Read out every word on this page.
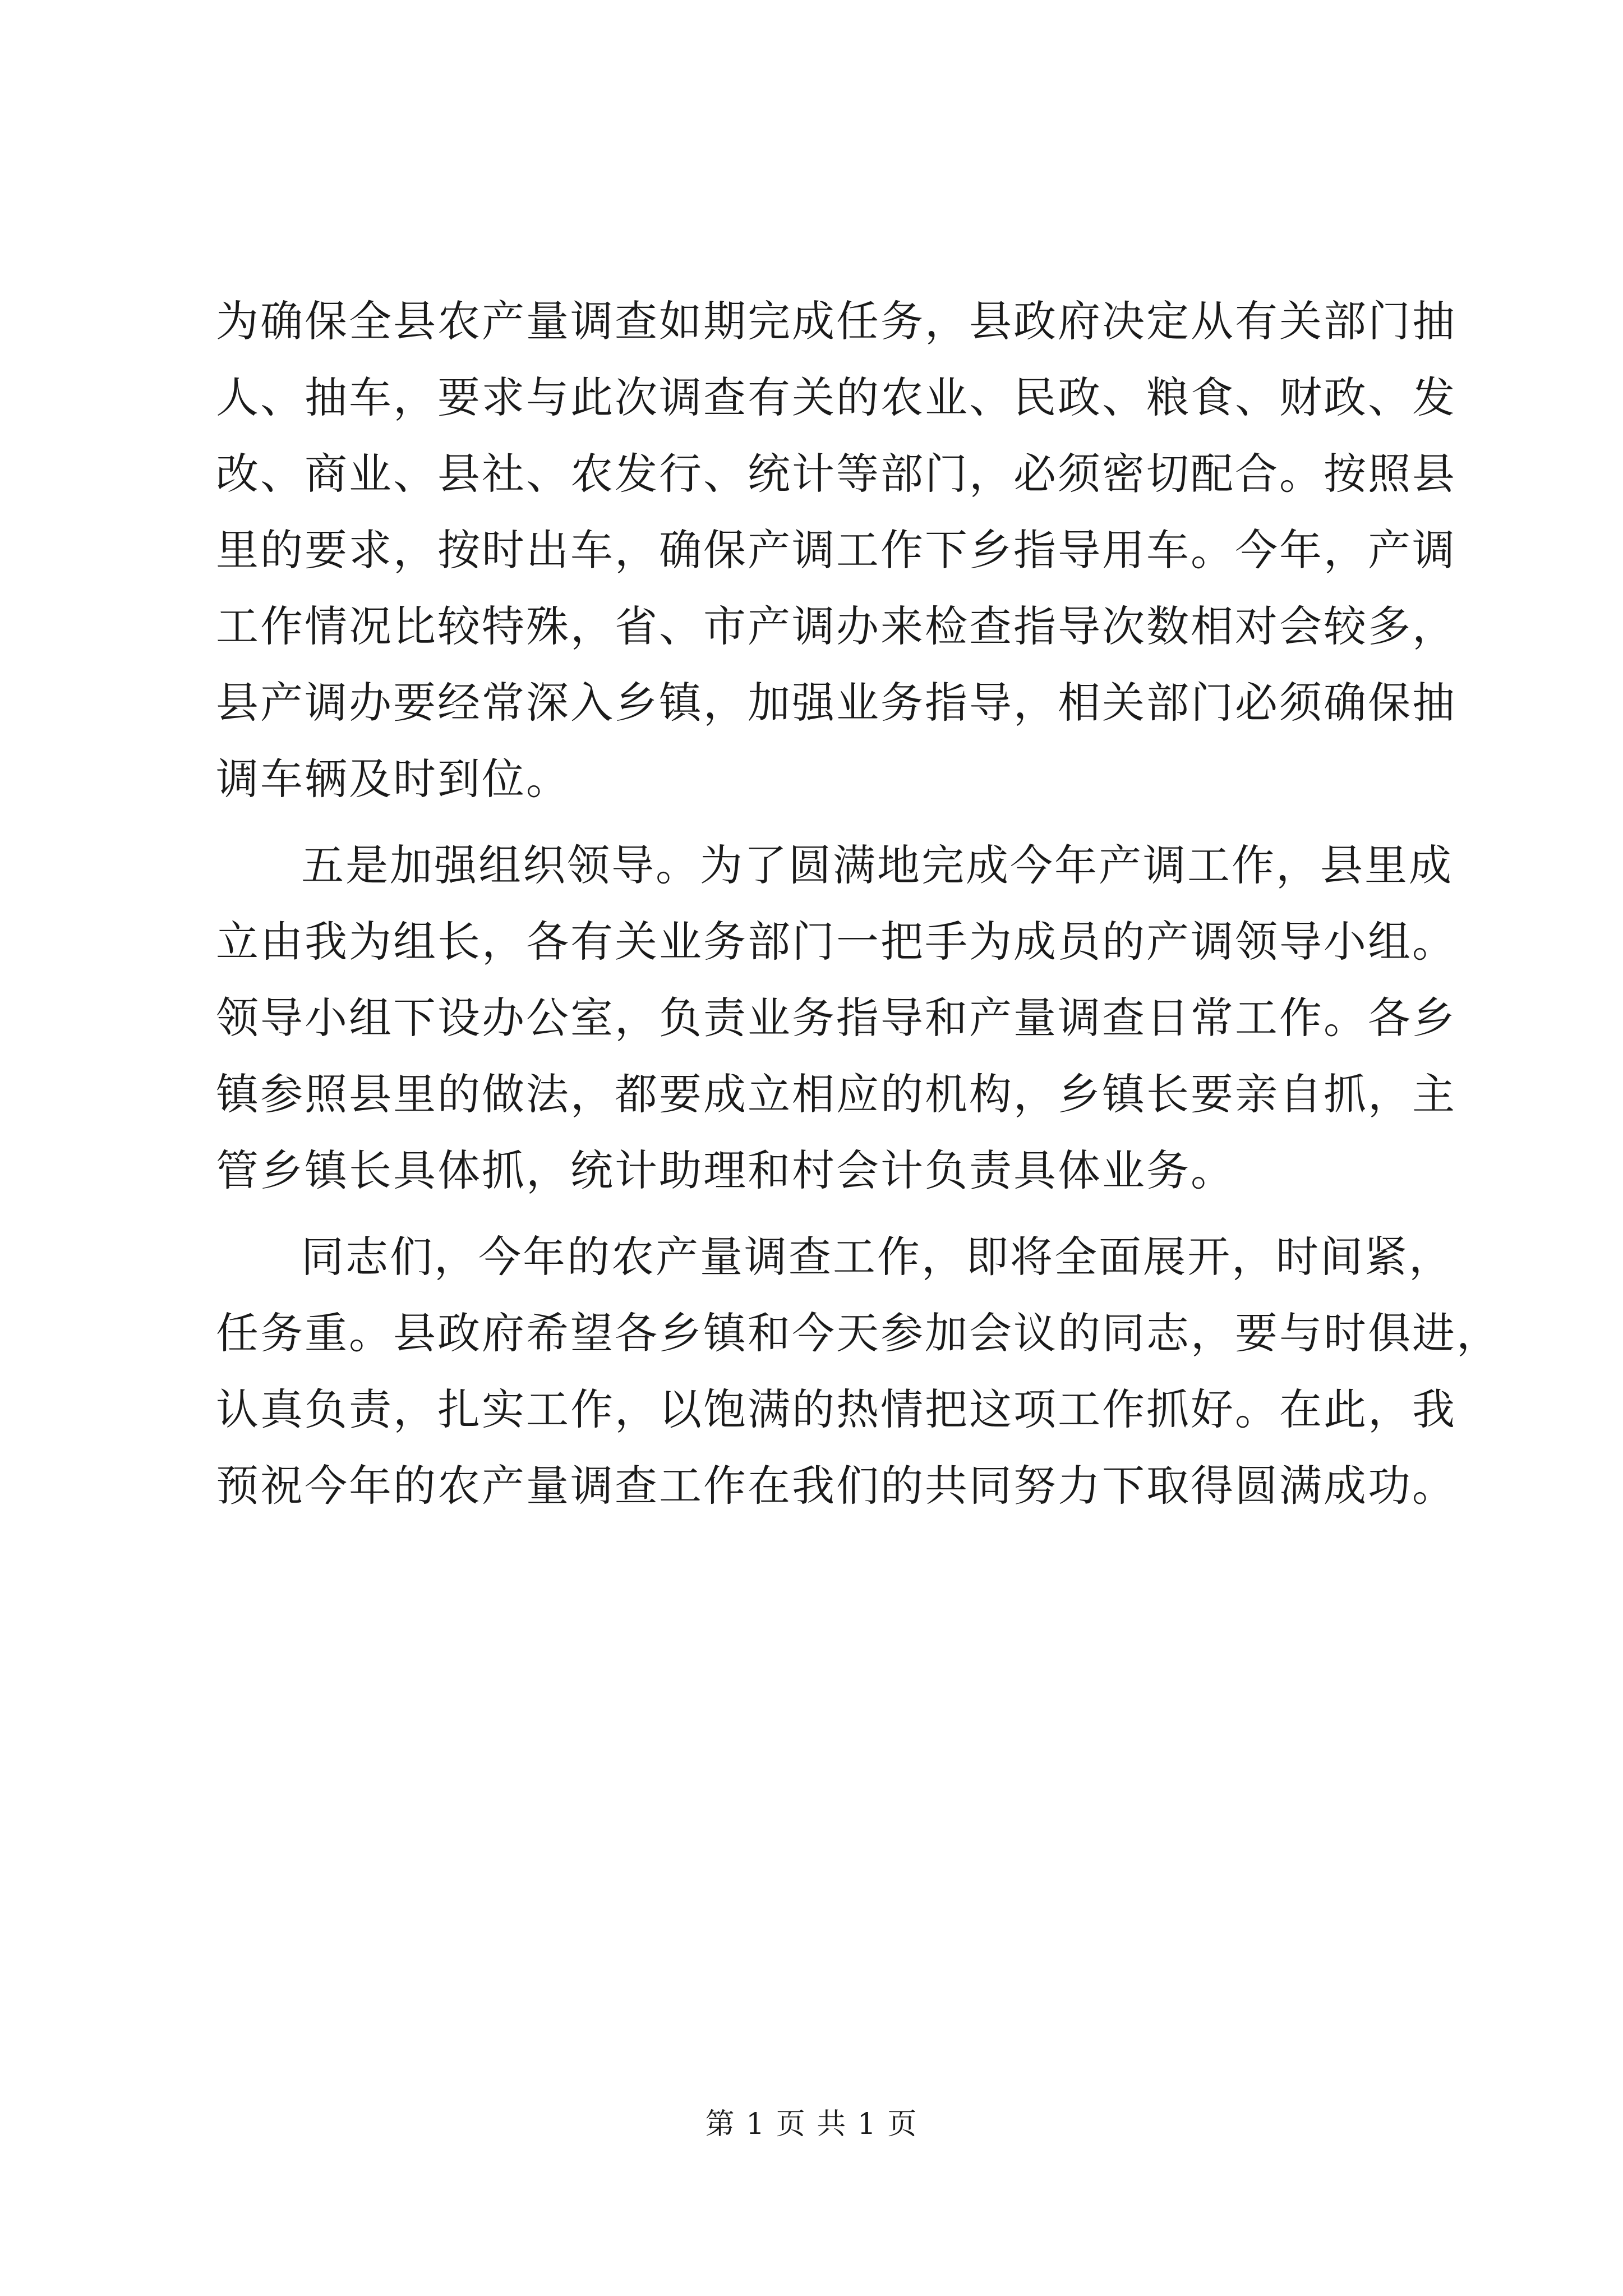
为确保全县农产量调查如期完成任务，县政府决定从有关部门抽
人、抽车，要求与此次调查有关的农业、民政、粮食、财政、发
改、商业、县社、农发行、统计等部门，必须密切配合。按照县
里的要求，按时出车，确保产调工作下乡指导用车。今年，产调
工作情况比较特殊，省、市产调办来检查指导次数相对会较多，
县产调办要经常深入乡镇，加强业务指导，相关部门必须确保抽
调车辆及时到位。
五是加强组织领导。为了圆满地完成今年产调工作，县里成
立由我为组长，各有关业务部门一把手为成员的产调领导小组。
领导小组下设办公室，负责业务指导和产量调查日常工作。各乡
镇参照县里的做法，都要成立相应的机构，乡镇长要亲自抓，主
管乡镇长具体抓，统计助理和村会计负责具体业务。
同志们，今年的农产量调查工作，即将全面展开，时间紧，
任务重。县政府希望各乡镇和今天参加会议的同志，要与时俱进，
认真负责，扎实工作，以饱满的热情把这项工作抓好。在此，我
预祝今年的农产量调查工作在我们的共同努力下取得圆满成功。
第 1 页 共 1 页
